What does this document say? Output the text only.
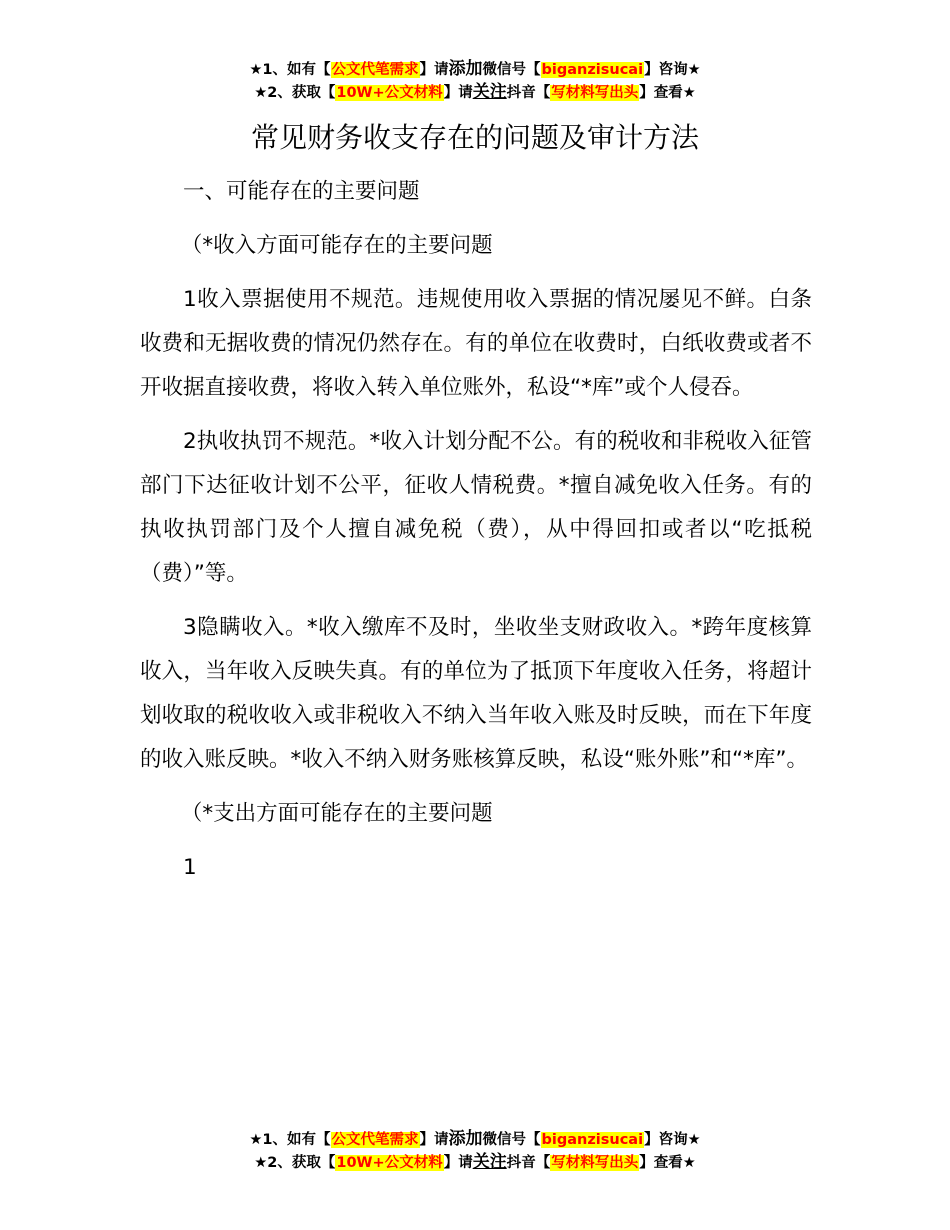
★1、如有【公文代笔需求】请添加微信号【biganzisucai】咨询★
★2、获取【10W+公文材料】请关注抖音【写材料写出头】查看★
常见财务收支存在的问题及审计方法

一、可能存在的主要问题

（*收入方面可能存在的主要问题

1收入票据使用不规范。违规使用收入票据的情况屡见不鲜。白条收费和无据收费的情况仍然存在。有的单位在收费时，白纸收费或者不开收据直接收费，将收入转入单位账外，私设“*库”或个人侵吞。

2执收执罚不规范。*收入计划分配不公。有的税收和非税收入征管部门下达征收计划不公平，征收人情税费。*擅自减免收入任务。有的执收执罚部门及个人擅自减免税（费），从中得回扣或者以“吃抵税（费）”等。

3隐瞒收入。*收入缴库不及时，坐收坐支财政收入。*跨年度核算收入，当年收入反映失真。有的单位为了抵顶下年度收入任务，将超计划收取的税收收入或非税收入不纳入当年收入账及时反映，而在下年度的收入账反映。*收入不纳入财务账核算反映，私设“账外账”和“*库”。

（*支出方面可能存在的主要问题

1

★1、如有【公文代笔需求】请添加微信号【biganzisucai】咨询★
★2、获取【10W+公文材料】请关注抖音【写材料写出头】查看★
